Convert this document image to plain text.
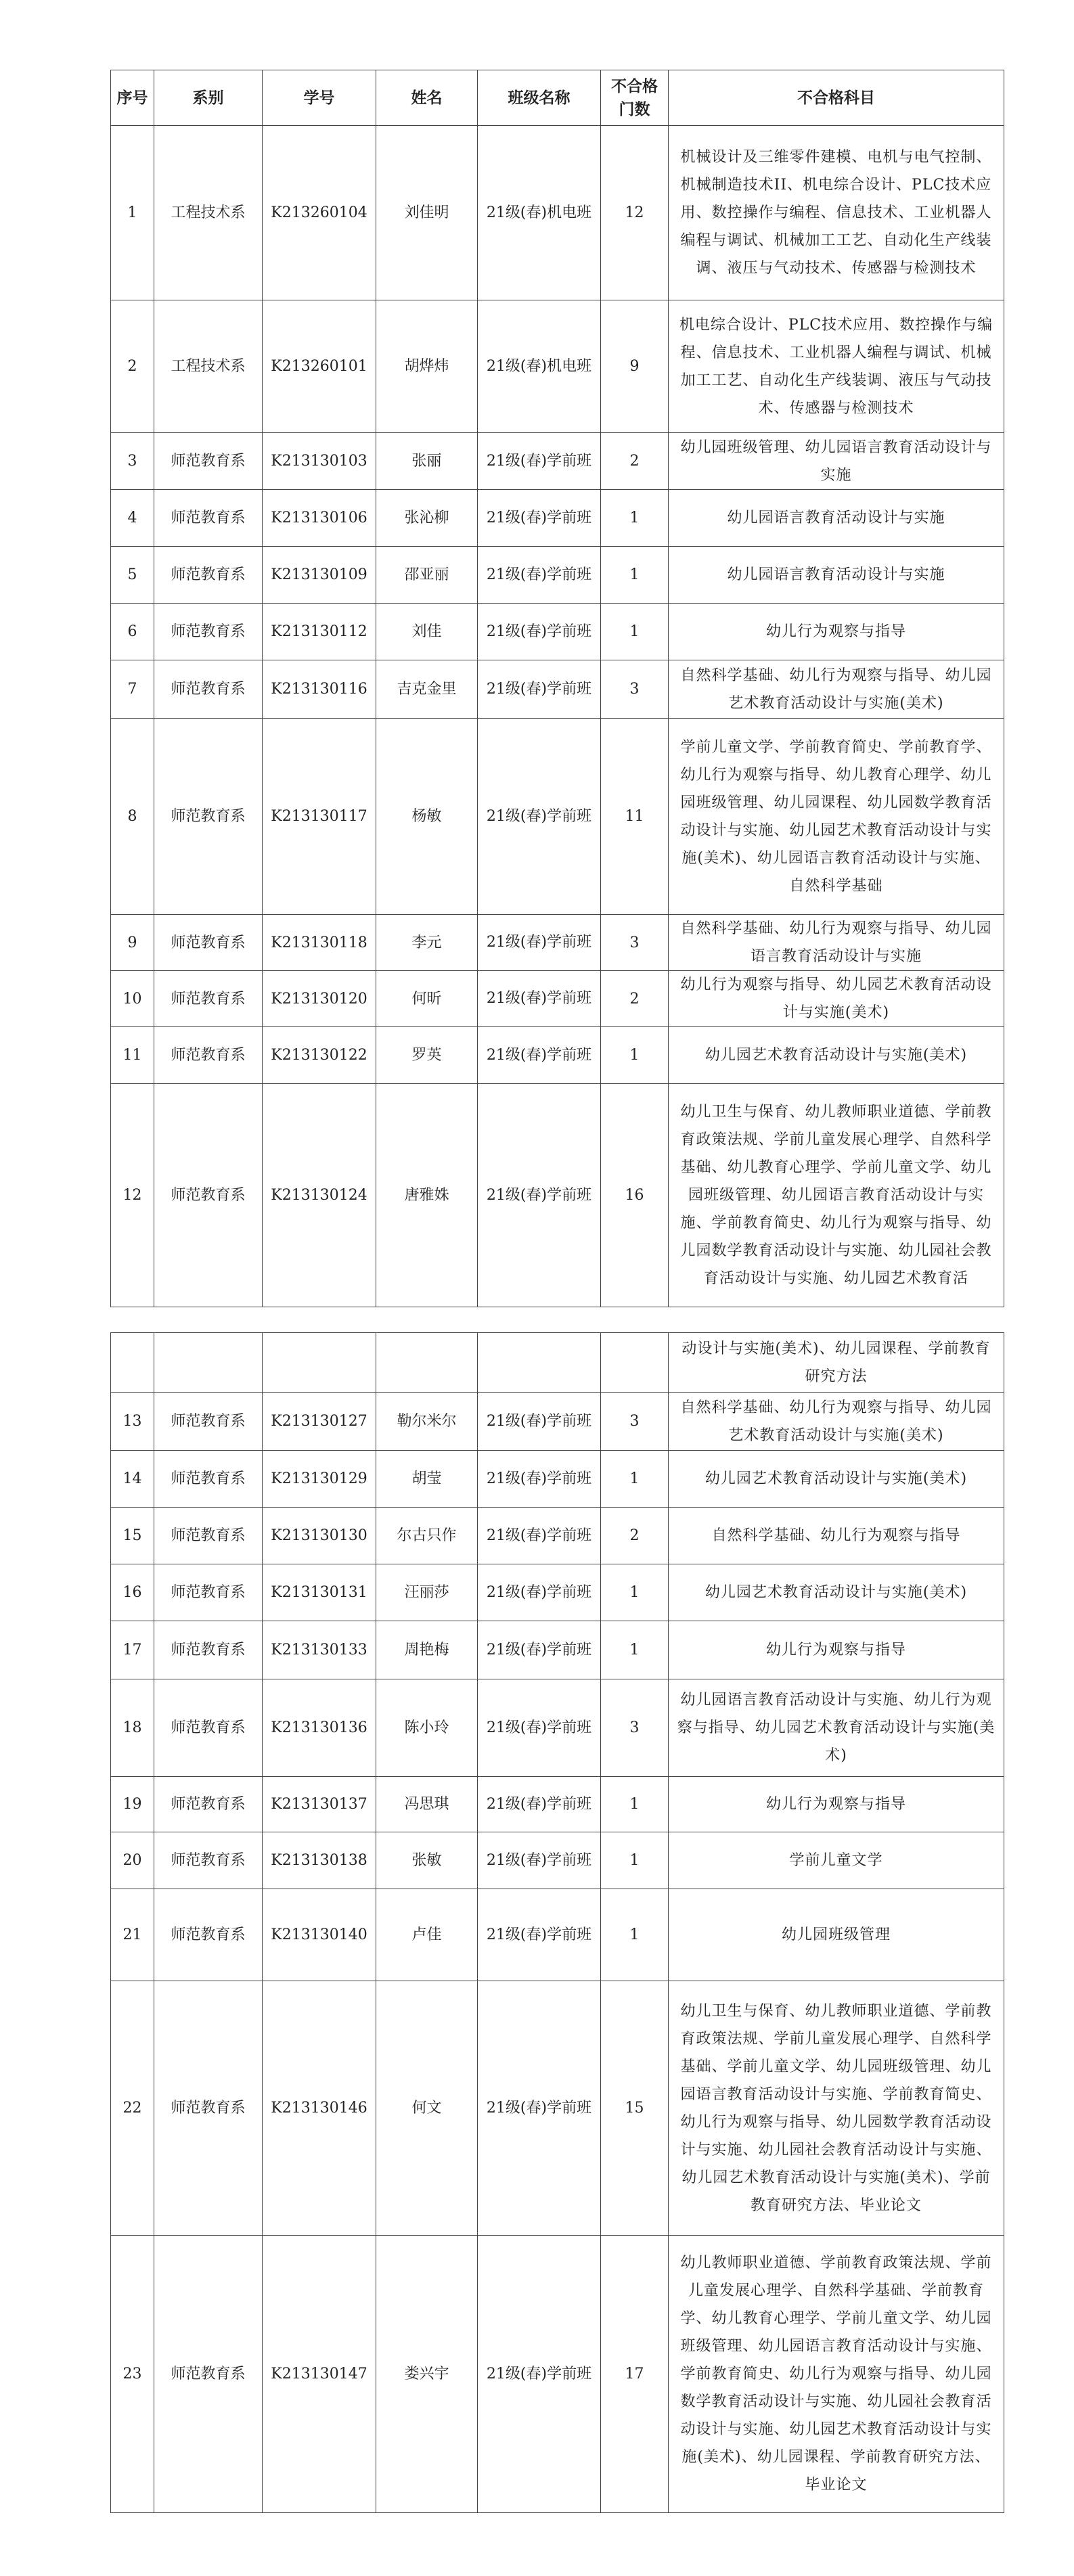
序号	系别	学号	姓名	班级名称	不合格门数	不合格科目
1	工程技术系	K213260104	刘佳明	21级(春)机电班	12	机械设计及三维零件建模、电机与电气控制、机械制造技术II、机电综合设计、PLC技术应用、数控操作与编程、信息技术、工业机器人编程与调试、机械加工工艺、自动化生产线装调、液压与气动技术、传感器与检测技术
2	工程技术系	K213260101	胡烨炜	21级(春)机电班	9	机电综合设计、PLC技术应用、数控操作与编程、信息技术、工业机器人编程与调试、机械加工工艺、自动化生产线装调、液压与气动技术、传感器与检测技术
3	师范教育系	K213130103	张丽	21级(春)学前班	2	幼儿园班级管理、幼儿园语言教育活动设计与实施
4	师范教育系	K213130106	张沁柳	21级(春)学前班	1	幼儿园语言教育活动设计与实施
5	师范教育系	K213130109	邵亚丽	21级(春)学前班	1	幼儿园语言教育活动设计与实施
6	师范教育系	K213130112	刘佳	21级(春)学前班	1	幼儿行为观察与指导
7	师范教育系	K213130116	吉克金里	21级(春)学前班	3	自然科学基础、幼儿行为观察与指导、幼儿园艺术教育活动设计与实施(美术)
8	师范教育系	K213130117	杨敏	21级(春)学前班	11	学前儿童文学、学前教育简史、学前教育学、幼儿行为观察与指导、幼儿教育心理学、幼儿园班级管理、幼儿园课程、幼儿园数学教育活动设计与实施、幼儿园艺术教育活动设计与实施(美术)、幼儿园语言教育活动设计与实施、自然科学基础
9	师范教育系	K213130118	李元	21级(春)学前班	3	自然科学基础、幼儿行为观察与指导、幼儿园语言教育活动设计与实施
10	师范教育系	K213130120	何昕	21级(春)学前班	2	幼儿行为观察与指导、幼儿园艺术教育活动设计与实施(美术)
11	师范教育系	K213130122	罗英	21级(春)学前班	1	幼儿园艺术教育活动设计与实施(美术)
12	师范教育系	K213130124	唐雅姝	21级(春)学前班	16	幼儿卫生与保育、幼儿教师职业道德、学前教育政策法规、学前儿童发展心理学、自然科学基础、幼儿教育心理学、学前儿童文学、幼儿园班级管理、幼儿园语言教育活动设计与实施、学前教育简史、幼儿行为观察与指导、幼儿园数学教育活动设计与实施、幼儿园社会教育活动设计与实施、幼儿园艺术教育活
						动设计与实施(美术)、幼儿园课程、学前教育研究方法
13	师范教育系	K213130127	勒尔米尔	21级(春)学前班	3	自然科学基础、幼儿行为观察与指导、幼儿园艺术教育活动设计与实施(美术)
14	师范教育系	K213130129	胡莹	21级(春)学前班	1	幼儿园艺术教育活动设计与实施(美术)
15	师范教育系	K213130130	尔古只作	21级(春)学前班	2	自然科学基础、幼儿行为观察与指导
16	师范教育系	K213130131	汪丽莎	21级(春)学前班	1	幼儿园艺术教育活动设计与实施(美术)
17	师范教育系	K213130133	周艳梅	21级(春)学前班	1	幼儿行为观察与指导
18	师范教育系	K213130136	陈小玲	21级(春)学前班	3	幼儿园语言教育活动设计与实施、幼儿行为观察与指导、幼儿园艺术教育活动设计与实施(美术)
19	师范教育系	K213130137	冯思琪	21级(春)学前班	1	幼儿行为观察与指导
20	师范教育系	K213130138	张敏	21级(春)学前班	1	学前儿童文学
21	师范教育系	K213130140	卢佳	21级(春)学前班	1	幼儿园班级管理
22	师范教育系	K213130146	何文	21级(春)学前班	15	幼儿卫生与保育、幼儿教师职业道德、学前教育政策法规、学前儿童发展心理学、自然科学基础、学前儿童文学、幼儿园班级管理、幼儿园语言教育活动设计与实施、学前教育简史、幼儿行为观察与指导、幼儿园数学教育活动设计与实施、幼儿园社会教育活动设计与实施、幼儿园艺术教育活动设计与实施(美术)、学前教育研究方法、毕业论文
23	师范教育系	K213130147	娄兴宇	21级(春)学前班	17	幼儿教师职业道德、学前教育政策法规、学前儿童发展心理学、自然科学基础、学前教育学、幼儿教育心理学、学前儿童文学、幼儿园班级管理、幼儿园语言教育活动设计与实施、学前教育简史、幼儿行为观察与指导、幼儿园数学教育活动设计与实施、幼儿园社会教育活动设计与实施、幼儿园艺术教育活动设计与实施(美术)、幼儿园课程、学前教育研究方法、毕业论文
